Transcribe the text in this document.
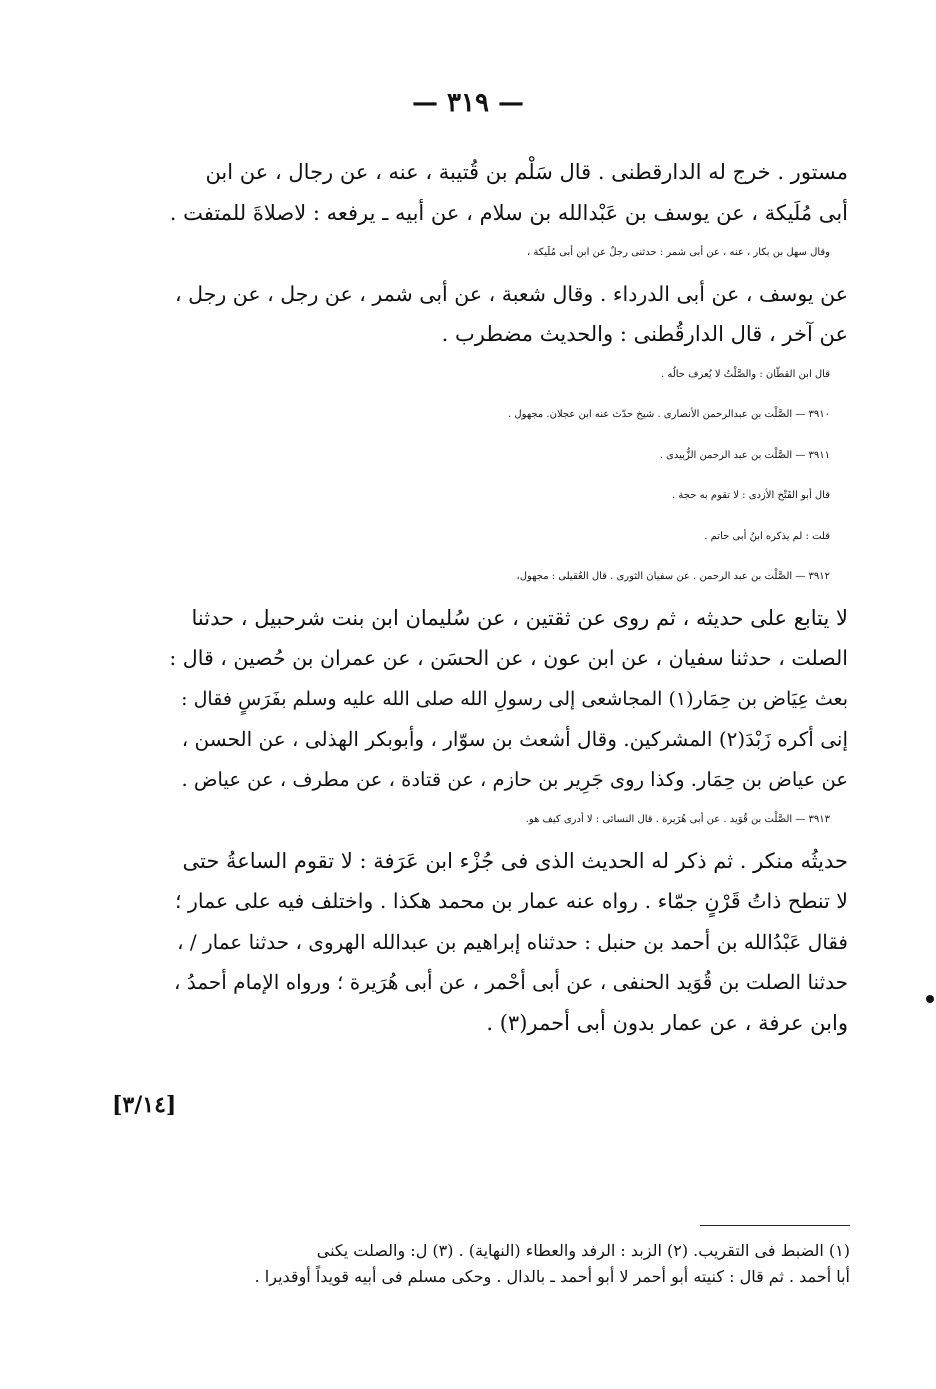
— ٣١٩ —
مستور . خرج له الدارقطنى . قال سَلْم بن قُتيبة ، عنه ، عن رجال ، عن ابن
أبى مُلَيكة ، عن يوسف بن عَبْدالله بن سلام ، عن أبيه ـ يرفعه : لاصلاةَ للمتفت .
وقال سهل بن بكار ، عنه ، عن أبى شمر : حدثنى رجلٌ عن ابن أبى مُلَيكة ،
عن يوسف ، عن أبى الدرداء . وقال شعبة ، عن أبى شمر ، عن رجل ، عن رجل ،
عن آخر ، قال الدارقُطنى : والحديث مضطرب .
قال ابن القطّان : والصَّلْتُ لا يُعرف حالُه .
٣٩١٠ — الصَّلْت بن عبدالرحمن الأنصارى . شيخ حدّث عنه ابن عجلان. مجهول .
٣٩١١ — الصَّلْت بن عبد الرحمن الزُّبيدى .
قال أبو الفَتْح الأزدى : لا تقوم به حجة .
قلت : لم يذكره ابنُ أبى حاتم .
٣٩١٢ — الصَّلْت بن عبد الرحمن . عن سفيان الثورى . قال العُقيلى : مجهول،
لا يتابع على حديثه ، ثم روى عن ثقتين ، عن سُليمان ابن بنت شرحبيل ، حدثنا
الصلت ، حدثنا سفيان ، عن ابن عون ، عن الحسَن ، عن عمران بن حُصين ، قال :
بعث عِيَاض بن حِمَار(١) المجاشعى إلى رسولِ الله صلى الله عليه وسلم بفَرَسٍ فقال :
إنى أكره زَبْدَ(٢) المشركين. وقال أشعث بن سوّار ، وأبوبكر الهذلى ، عن الحسن ،
عن عياض بن حِمَار. وكذا روى جَرِير بن حازم ، عن قتادة ، عن مطرف ، عن عياض .
٣٩١٣ — الصَّلْت بن قُوَيد . عن أبى هُرَيرة . قال النسائى : لا أدرى كيف هو.
حديثُه منكر . ثم ذكر له الحديث الذى فى جُزْء ابن عَرَفة : لا تقوم الساعةُ حتى
لا تنطح ذاتُ قَرْنٍ جمّاء . رواه عنه عمار بن محمد هكذا . واختلف فيه على عمار ؛
فقال عَبْدُالله بن أحمد بن حنبل : حدثناه إبراهيم بن عبدالله الهروى ، حدثنا عمار / ،
حدثنا الصلت بن قُوَيد الحنفى ، عن أبى أحْمر ، عن أبى هُرَيرة ؛ ورواه الإمام أحمدُ ،
وابن عرفة ، عن عمار بدون أبى أحمر(٣) .
[٣/١٤]
(١) الضبط فى التقريب. (٢) الزبد : الرفد والعطاء (النهاية) . (٣) ل: والصلت يكنى
أبا أحمد . ثم قال : كنيته أبو أحمر لا أبو أحمد ـ بالدال . وحكى مسلم فى أبيه قويداً أوقديرا .
